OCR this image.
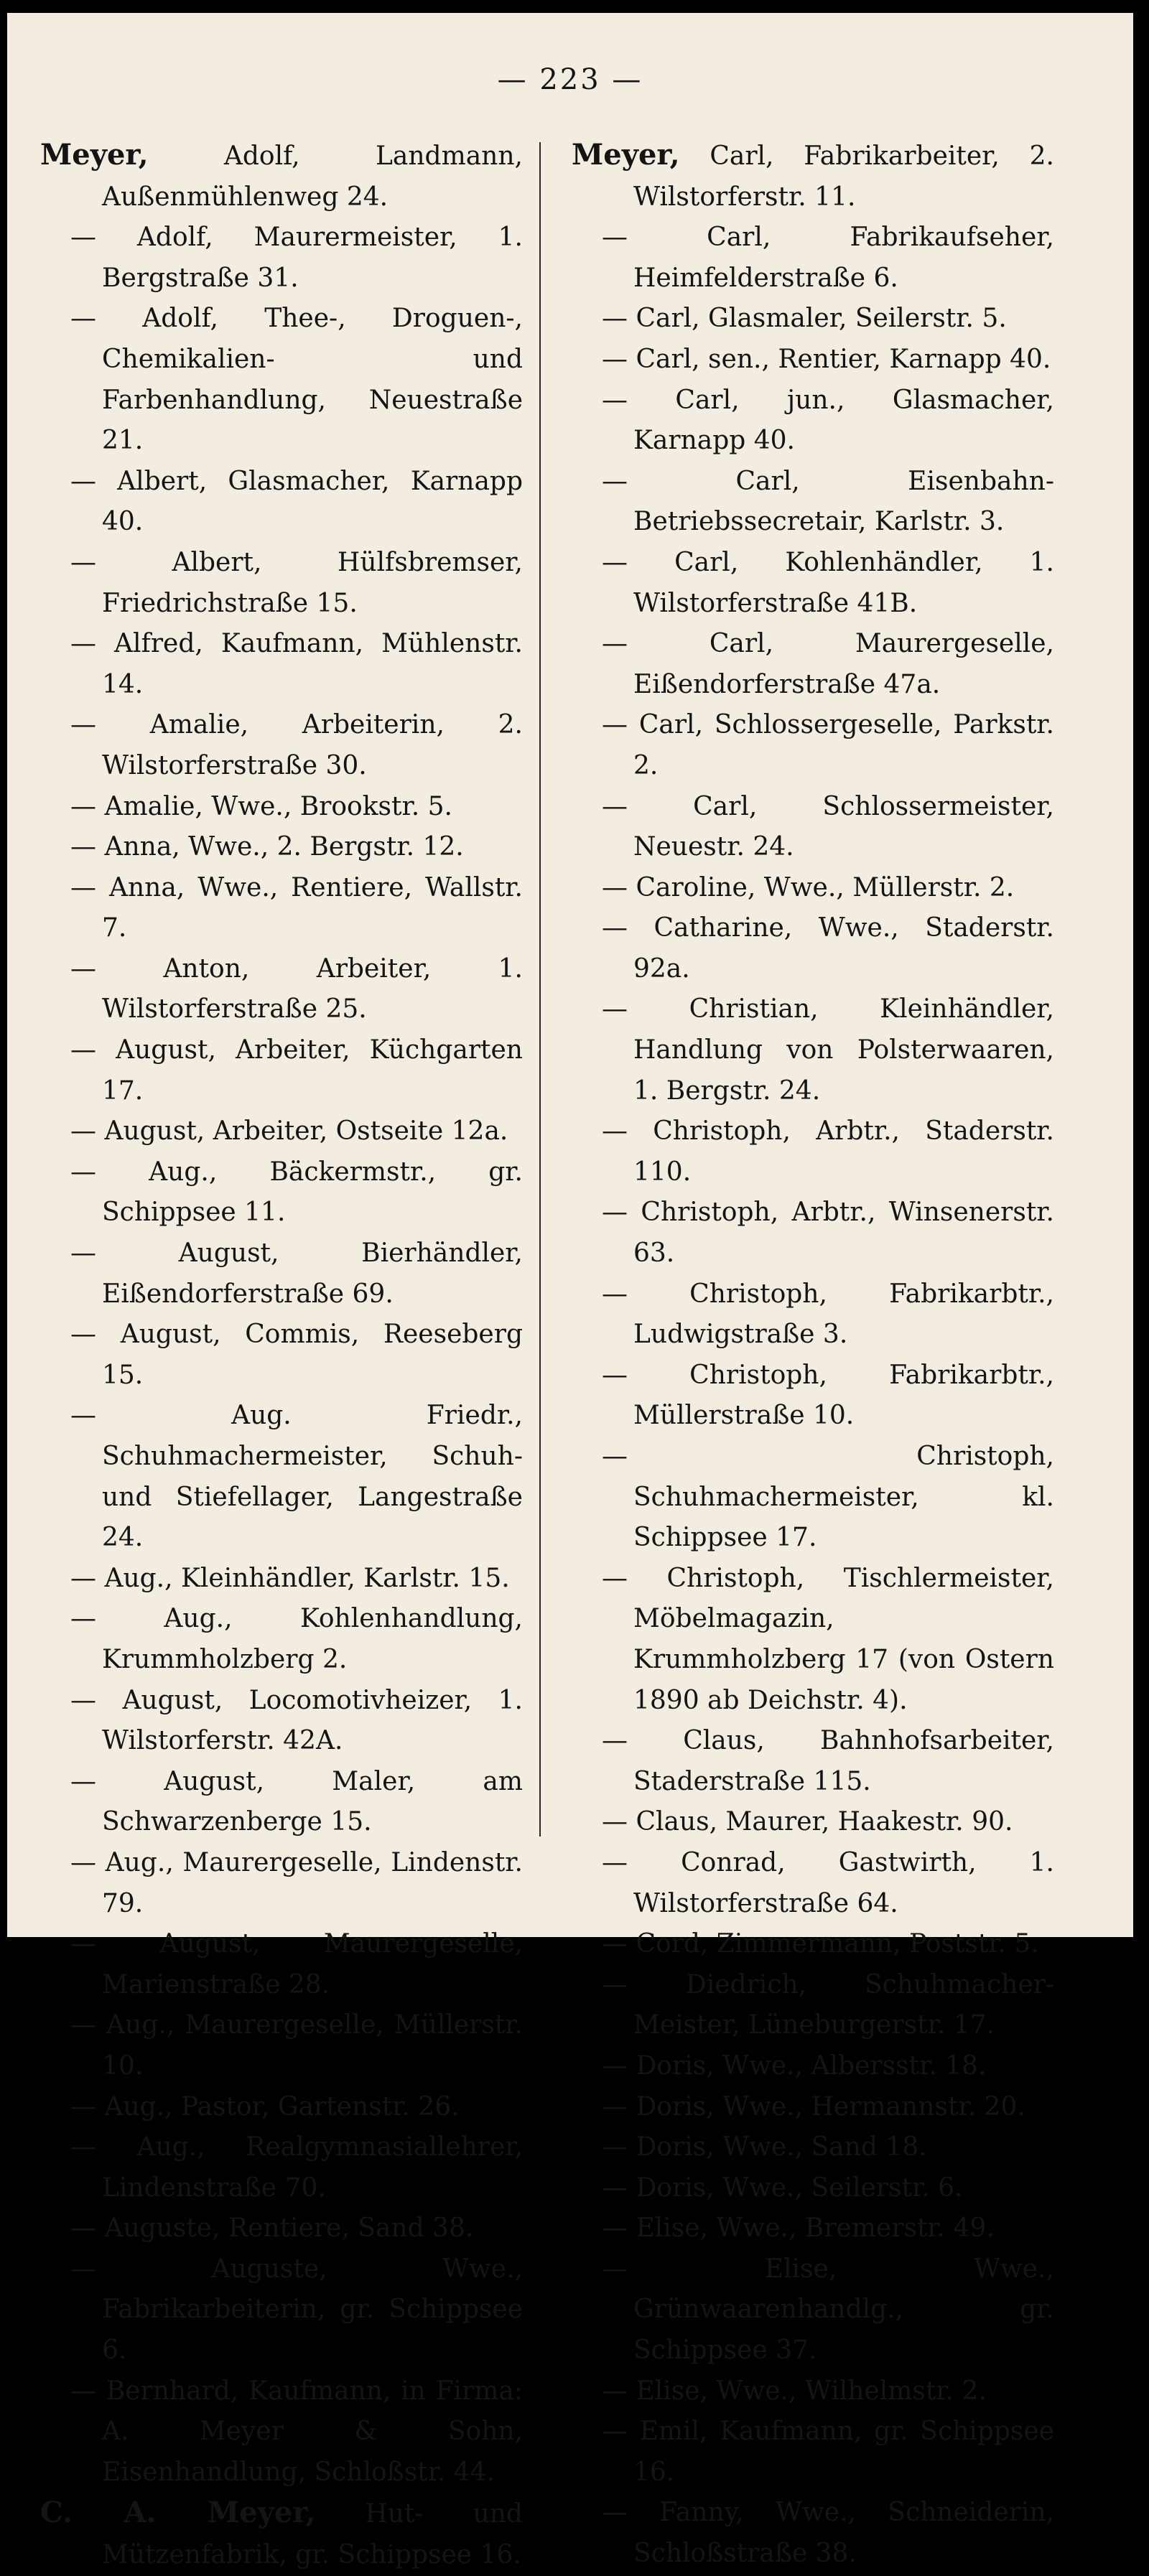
— 223 —

Meyer,	Adolf, Landmann, Außenmühlenweg 24.

— Adolf, Maurermeister, 1. Bergstraße 31.

— Adolf, Thee-, Droguen-, Chemikalien- und Farbenhandlung, Neuestraße 21.

— Albert, Glasmacher, Karnapp 40.

— Albert, Hülfsbremser, Friedrichstraße 15.

— Alfred, Kaufmann, Mühlenstr. 14.

— Amalie, Arbeiterin, 2. Wilstorferstraße 30.

— Amalie, Wwe., Brookstr. 5.

— Anna, Wwe., 2. Bergstr. 12.

— Anna, Wwe., Rentiere, Wallstr. 7.

— Anton, Arbeiter, 1. Wilstorferstraße 25.

— August, Arbeiter, Küchgarten 17.

— August, Arbeiter, Ostseite 12a.

— Aug., Bäckermstr., gr. Schippsee 11.

— August, Bierhändler, Eißendorferstraße 69.

— August, Commis, Reeseberg 15.

— Aug. Friedr., Schuhmachermeister, Schuh- und Stiefellager, Langestraße 24.

— Aug., Kleinhändler, Karlstr. 15.

— Aug., Kohlenhandlung, Krummholzberg 2.

— August, Locomotivheizer, 1. Wilstorferstr. 42A.

— August, Maler, am Schwarzenberge 15.

— Aug., Maurergeselle, Lindenstr. 79.

— August, Maurergeselle, Marienstraße 28.

— Aug., Maurergeselle, Müllerstr. 10.

— Aug., Pastor, Gartenstr. 26.

— Aug., Realgymnasiallehrer, Lindenstraße 70.

— Auguste, Rentiere, Sand 38.

— Auguste, Wwe., Fabrikarbeiterin, gr. Schippsee 6.

— Bernhard, Kaufmann, in Firma: A. Meyer & Sohn, Eisenhandlung, Schloßstr. 44.

C. A. Meyer, Hut- und Mützenfabrik, gr. Schippsee 16.

Meyer, Carl, Fabrikarbeiter, 2. Wilstorferstr. 11.

— Carl, Fabrikaufseher, Heimfelderstraße 6.

— Carl, Glasmaler, Seilerstr. 5.

— Carl, sen., Rentier, Karnapp 40.

— Carl, jun., Glasmacher, Karnapp 40.

— Carl, Eisenbahn-Betriebssecretair, Karlstr. 3.

— Carl, Kohlenhändler, 1. Wilstorferstraße 41B.

— Carl, Maurergeselle, Eißendorferstraße 47a.

— Carl, Schlossergeselle, Parkstr. 2.

— Carl, Schlossermeister, Neuestr. 24.

— Caroline, Wwe., Müllerstr. 2.

— Catharine, Wwe., Staderstr. 92a.

— Christian, Kleinhändler, Handlung von Polsterwaaren, 1. Bergstr. 24.

— Christoph, Arbtr., Staderstr. 110.

— Christoph, Arbtr., Winsenerstr. 63.

— Christoph, Fabrikarbtr., Ludwigstraße 3.

— Christoph, Fabrikarbtr., Müllerstraße 10.

— Christoph, Schuhmachermeister, kl. Schippsee 17.

— Christoph, Tischlermeister, Möbelmagazin, Krummholzberg 17 (von Ostern 1890 ab Deichstr. 4).

— Claus, Bahnhofsarbeiter, Staderstraße 115.

— Claus, Maurer, Haakestr. 90.

— Conrad, Gastwirth, 1. Wilstorferstraße 64.

— Cord, Zimmermann, Poststr. 5.

— Diedrich, Schuhmacher-Meister, Lüneburgerstr. 17.

— Doris, Wwe., Albersstr. 18.

— Doris, Wwe., Hermannstr. 20.

— Doris, Wwe., Sand 18.

— Doris, Wwe., Seilerstr. 6.

— Elise, Wwe., Bremerstr. 49.

— Elise, Wwe., Grünwaarenhandlg., gr. Schippsee 37.

— Elise, Wwe., Wilhelmstr. 2.

— Emil, Kaufmann, gr. Schippsee 16.

— Fanny, Wwe., Schneiderin, Schloßstraße 38.
